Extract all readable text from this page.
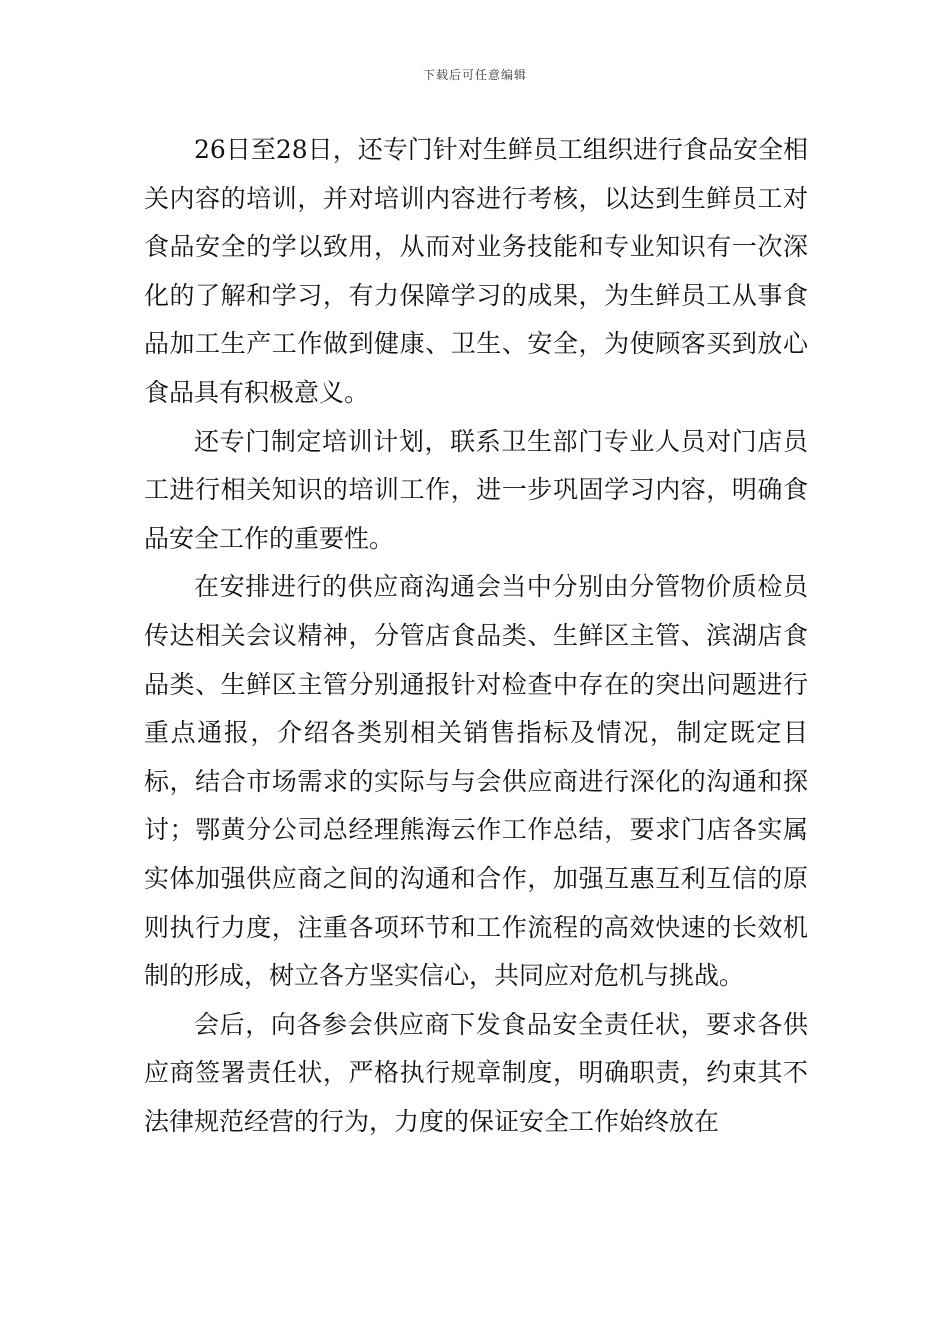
下载后可任意编辑

26日至28日，还专门针对生鲜员工组织进行食品安全相关内容的培训，并对培训内容进行考核，以达到生鲜员工对食品安全的学以致用，从而对业务技能和专业知识有一次深化的了解和学习，有力保障学习的成果，为生鲜员工从事食品加工生产工作做到健康、卫生、安全，为使顾客买到放心食品具有积极意义。

还专门制定培训计划，联系卫生部门专业人员对门店员工进行相关知识的培训工作，进一步巩固学习内容，明确食品安全工作的重要性。

在安排进行的供应商沟通会当中分别由分管物价质检员传达相关会议精神，分管店食品类、生鲜区主管、滨湖店食品类、生鲜区主管分别通报针对检查中存在的突出问题进行重点通报，介绍各类别相关销售指标及情况，制定既定目标，结合市场需求的实际与与会供应商进行深化的沟通和探讨；鄂黄分公司总经理熊海云作工作总结，要求门店各实属实体加强供应商之间的沟通和合作，加强互惠互利互信的原则执行力度，注重各项环节和工作流程的高效快速的长效机制的形成，树立各方坚实信心，共同应对危机与挑战。

会后，向各参会供应商下发食品安全责任状，要求各供应商签署责任状，严格执行规章制度，明确职责，约束其不法律规范经营的行为，力度的保证安全工作始终放在
